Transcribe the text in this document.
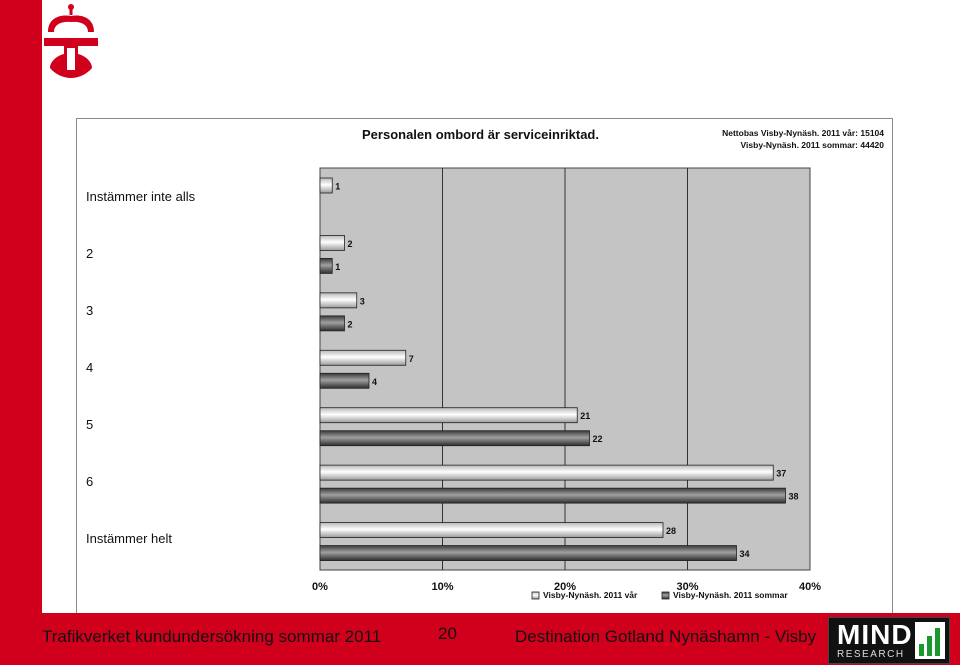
Personalen ombord är serviceinriktad.	Nettobas Visby-Nynäsh. 2011 vår: 15104
Visby-Nynäsh. 2011 sommar: 44420
Instämmer inte alls
2
3
4
5
6
Instämmer helt
1
2
1
3
2
7
4
21
22
37
38
28
34
0%	10%	20%	30%	40%
Visby-Nynäsh. 2011 vår	Visby-Nynäsh. 2011 sommar
Trafikverket kundundersökning sommar 2011	20	Destination Gotland Nynäshamn - Visby MIND
RESEARCH
